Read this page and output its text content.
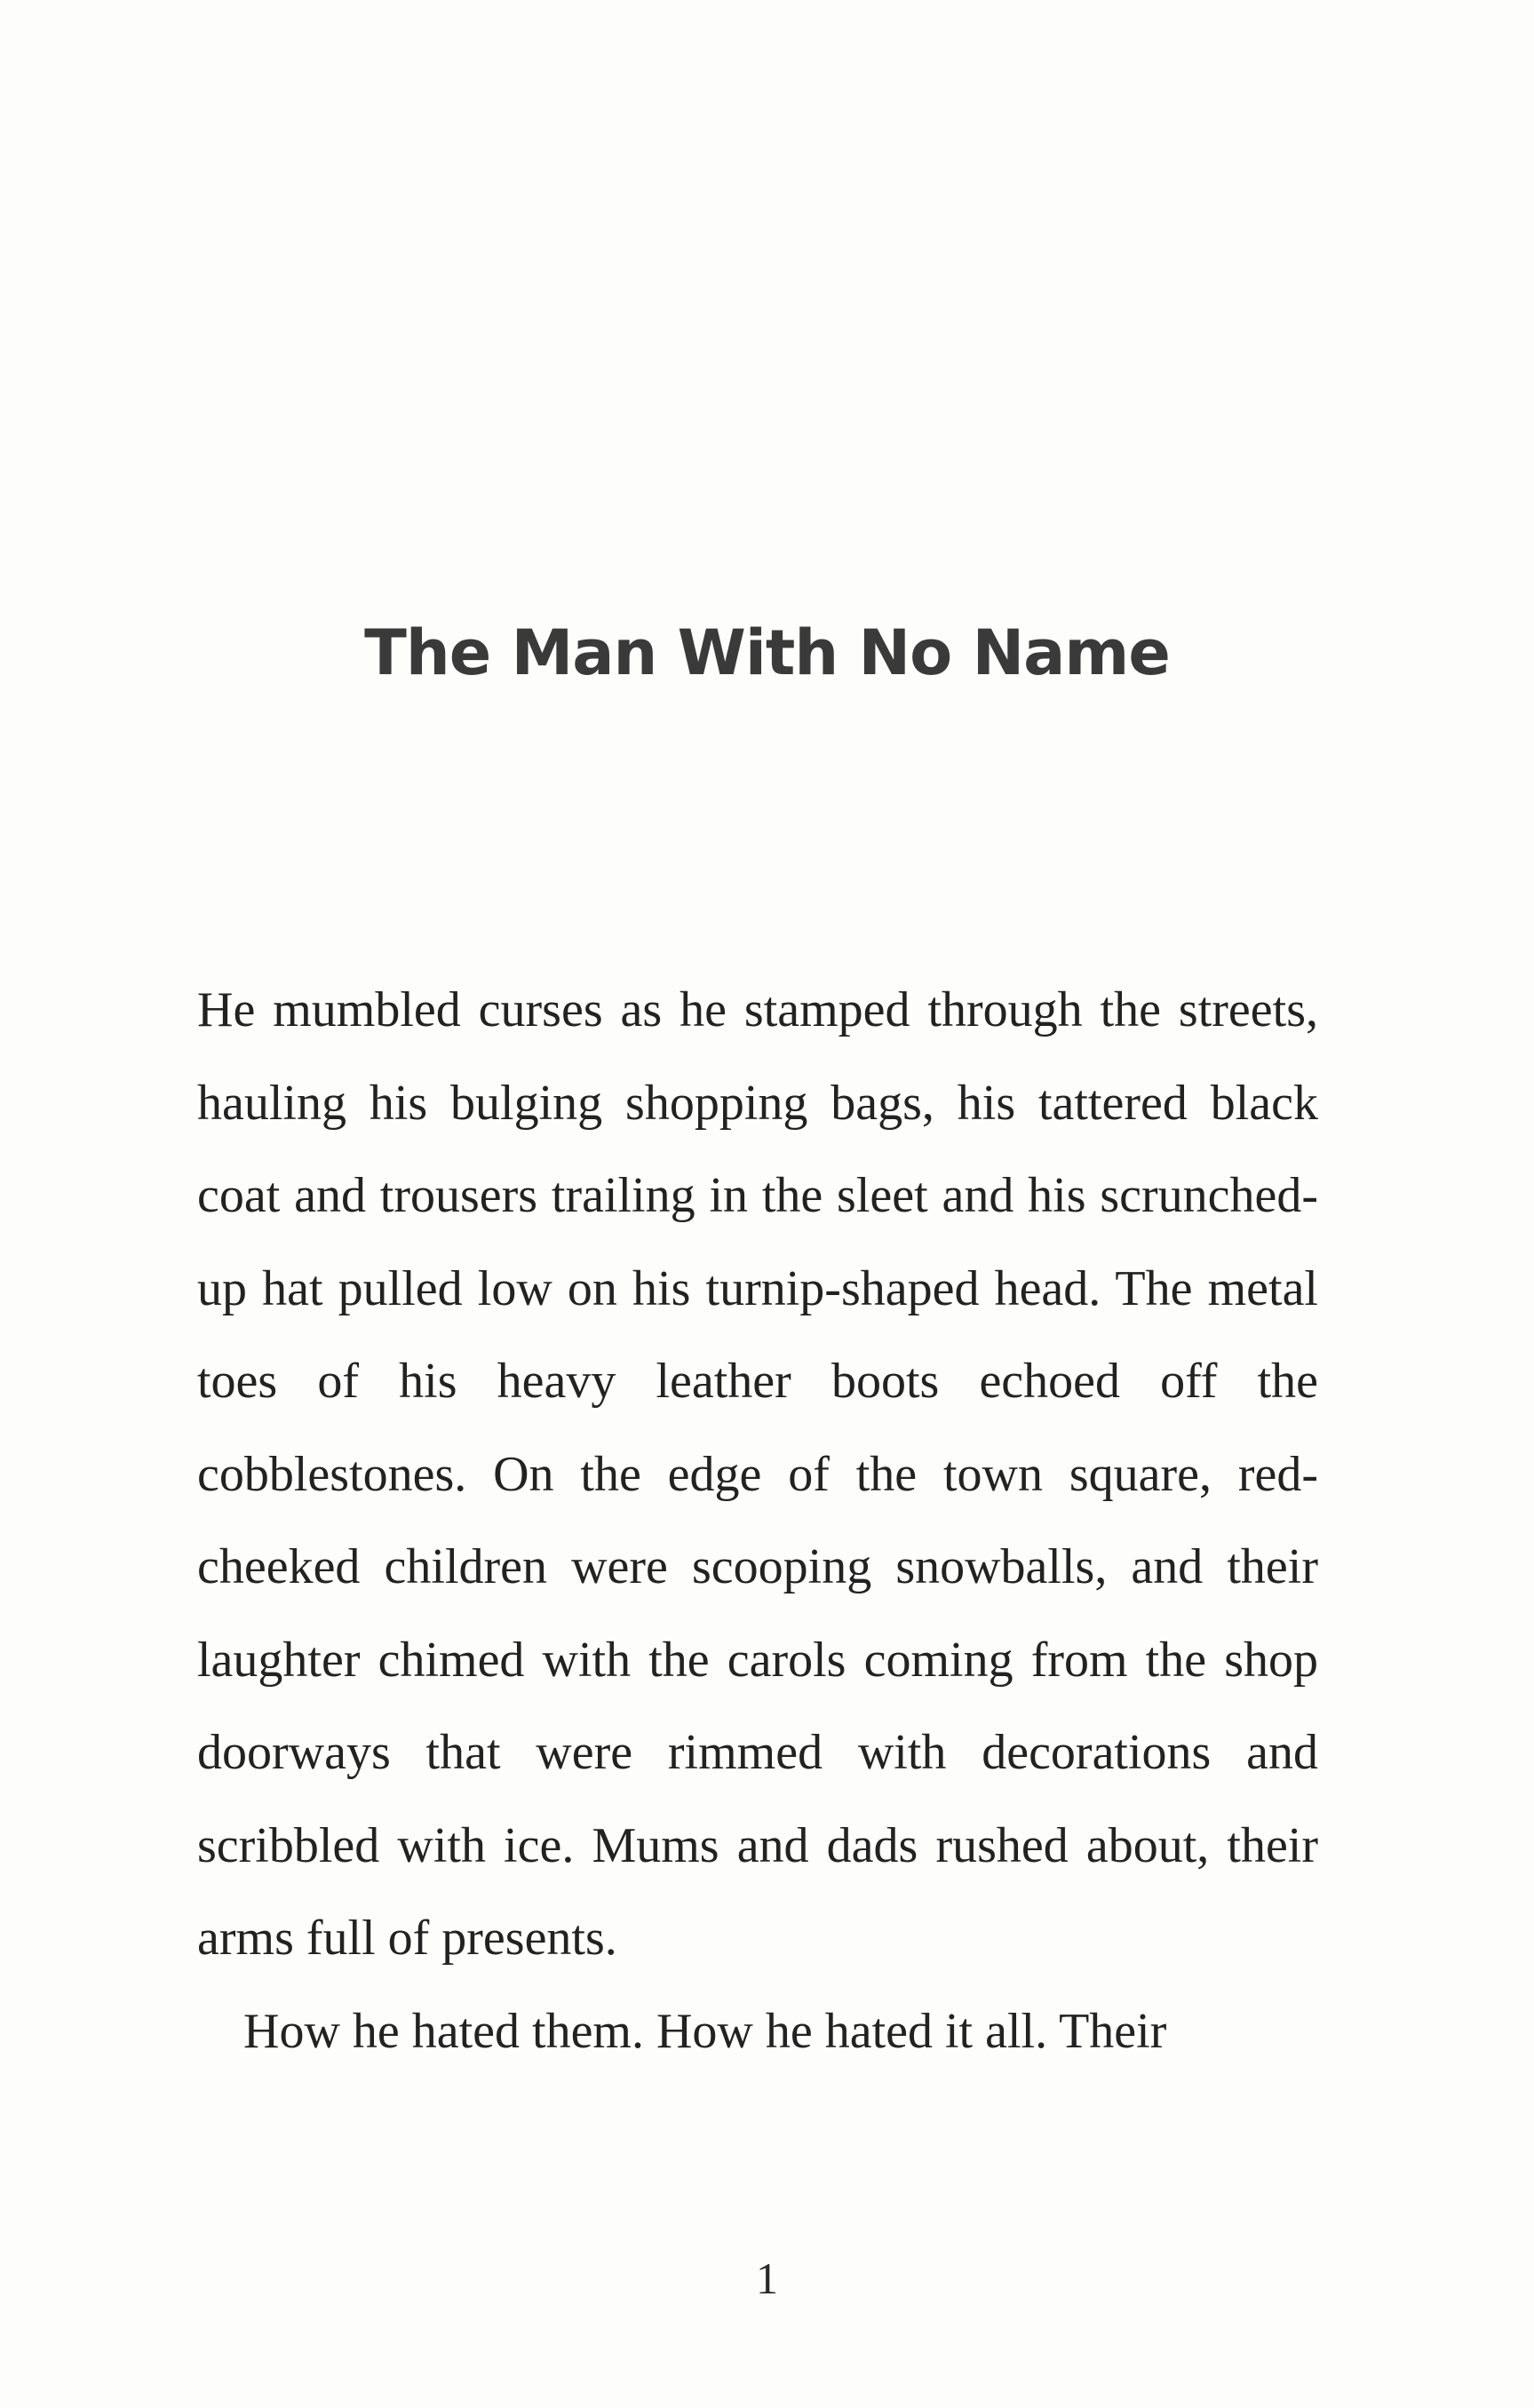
The Man With No Name

He mumbled curses as he stamped through the streets, hauling his bulging shopping bags, his tattered black coat and trousers trailing in the sleet and his scrunched-up hat pulled low on his turnip-shaped head. The metal toes of his heavy leather boots echoed off the cobblestones. On the edge of the town square, red-cheeked children were scooping snowballs, and their laughter chimed with the carols coming from the shop doorways that were rimmed with decorations and scribbled with ice. Mums and dads rushed about, their arms full of presents.

How he hated them. How he hated it all. Their

1
